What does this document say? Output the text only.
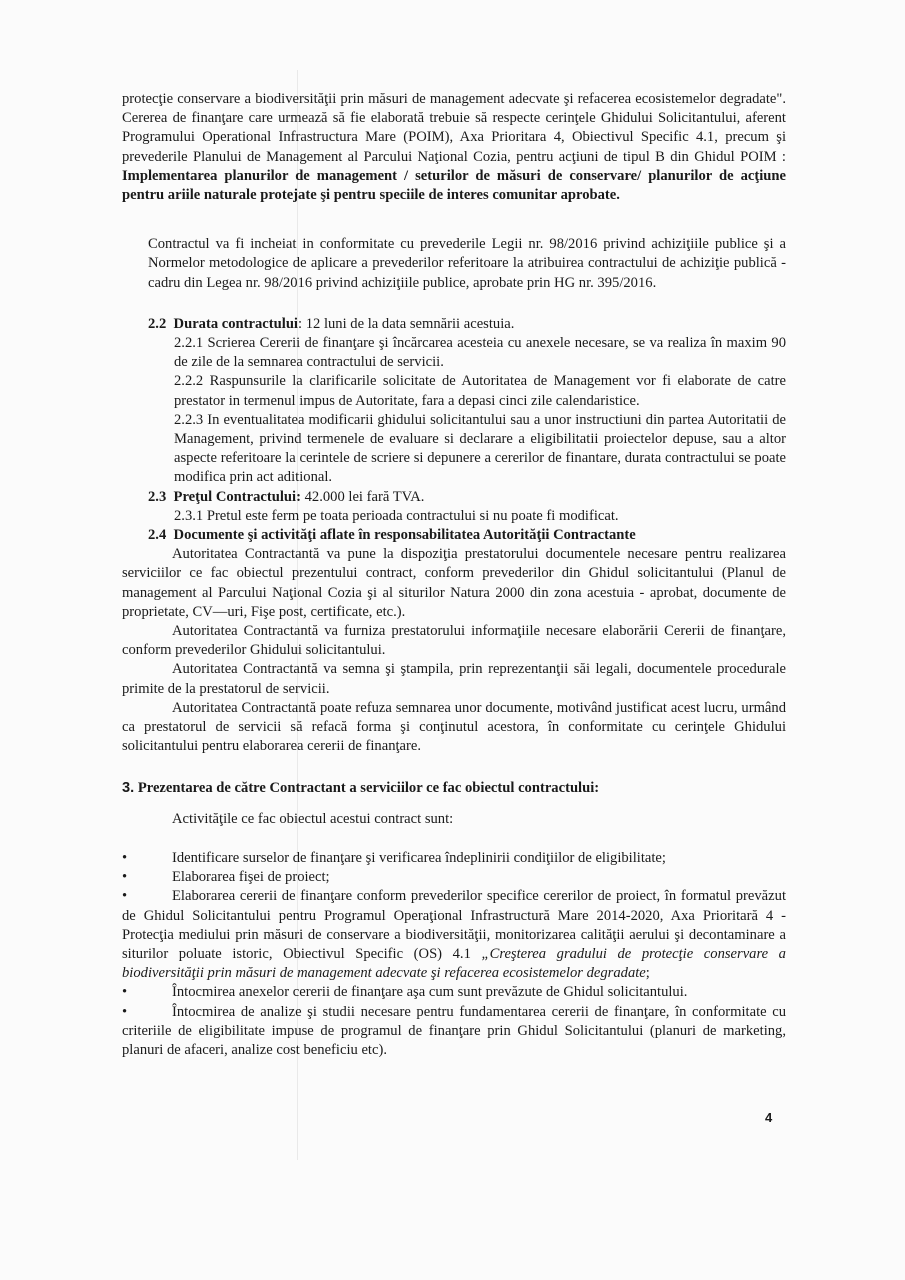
protecţie conservare a biodiversităţii prin măsuri de management adecvate şi refacerea ecosistemelor degradate". Cererea de finanţare care urmează să fie elaborată trebuie să respecte cerinţele Ghidului Solicitantului, aferent Programului Operational Infrastructura Mare (POIM), Axa Prioritara 4, Obiectivul Specific 4.1, precum şi prevederile Planului de Management al Parcului Naţional Cozia, pentru acţiuni de tipul B din Ghidul POIM : Implementarea planurilor de management / seturilor de măsuri de conservare/ planurilor de acţiune pentru ariile naturale protejate şi pentru speciile de interes comunitar aprobate.

Contractul va fi incheiat in conformitate cu prevederile Legii nr. 98/2016 privind achiziţiile publice şi a Normelor metodologice de aplicare a prevederilor referitoare la atribuirea contractului de achiziţie publică - cadru din Legea nr. 98/2016 privind achiziţiile publice, aprobate prin HG nr. 395/2016.

2.2 Durata contractului: 12 luni de la data semnării acestuia.

2.2.1 Scrierea Cererii de finanţare şi încărcarea acesteia cu anexele necesare, se va realiza în maxim 90 de zile de la semnarea contractului de servicii.

2.2.2 Raspunsurile la clarificarile solicitate de Autoritatea de Management vor fi elaborate de catre prestator in termenul impus de Autoritate, fara a depasi cinci zile calendaristice.

2.2.3 In eventualitatea modificarii ghidului solicitantului sau a unor instructiuni din partea Autoritatii de Management, privind termenele de evaluare si declarare a eligibilitatii proiectelor depuse, sau a altor aspecte referitoare la cerintele de scriere si depunere a cererilor de finantare, durata contractului se poate modifica prin act aditional.

2.3 Preţul Contractului: 42.000 lei fară TVA.

2.3.1 Pretul este ferm pe toata perioada contractului si nu poate fi modificat.

2.4 Documente şi activităţi aflate în responsabilitatea Autorităţii Contractante

Autoritatea Contractantă va pune la dispoziţia prestatorului documentele necesare pentru realizarea serviciilor ce fac obiectul prezentului contract, conform prevederilor din Ghidul solicitantului (Planul de management al Parcului Naţional Cozia şi al siturilor Natura 2000 din zona acestuia - aprobat, documente de proprietate, CV—uri, Fişe post, certificate, etc.).

Autoritatea Contractantă va furniza prestatorului informaţiile necesare elaborării Cererii de finanţare, conform prevederilor Ghidului solicitantului.

Autoritatea Contractantă va semna şi ştampila, prin reprezentanţii săi legali, documentele procedurale primite de la prestatorul de servicii.

Autoritatea Contractantă poate refuza semnarea unor documente, motivând justificat acest lucru, urmând ca prestatorul de servicii să refacă forma şi conţinutul acestora, în conformitate cu cerinţele Ghidului solicitantului pentru elaborarea cererii de finanţare.

3. Prezentarea de către Contractant a serviciilor ce fac obiectul contractului:

Activităţile ce fac obiectul acestui contract sunt:

•	Identificare surselor de finanţare şi verificarea îndeplinirii condiţiilor de eligibilitate;

•	Elaborarea fişei de proiect;

•	Elaborarea cererii de finanţare conform prevederilor specifice cererilor de proiect, în formatul prevăzut de Ghidul Solicitantului pentru Programul Operaţional Infrastructură Mare 2014-2020, Axa Prioritară 4 - Protecţia mediului prin măsuri de conservare a biodiversităţii, monitorizarea calităţii aerului şi decontaminare a siturilor poluate istoric, Obiectivul Specific (OS) 4.1 „Creşterea gradului de protecţie conservare a biodiversităţii prin măsuri de management adecvate şi refacerea ecosistemelor degradate;

•	Întocmirea anexelor cererii de finanţare aşa cum sunt prevăzute de Ghidul solicitantului.

•	Întocmirea de analize şi studii necesare pentru fundamentarea cererii de finanţare, în conformitate cu criteriile de eligibilitate impuse de programul de finanţare prin Ghidul Solicitantului (planuri de marketing, planuri de afaceri, analize cost beneficiu etc).

4
